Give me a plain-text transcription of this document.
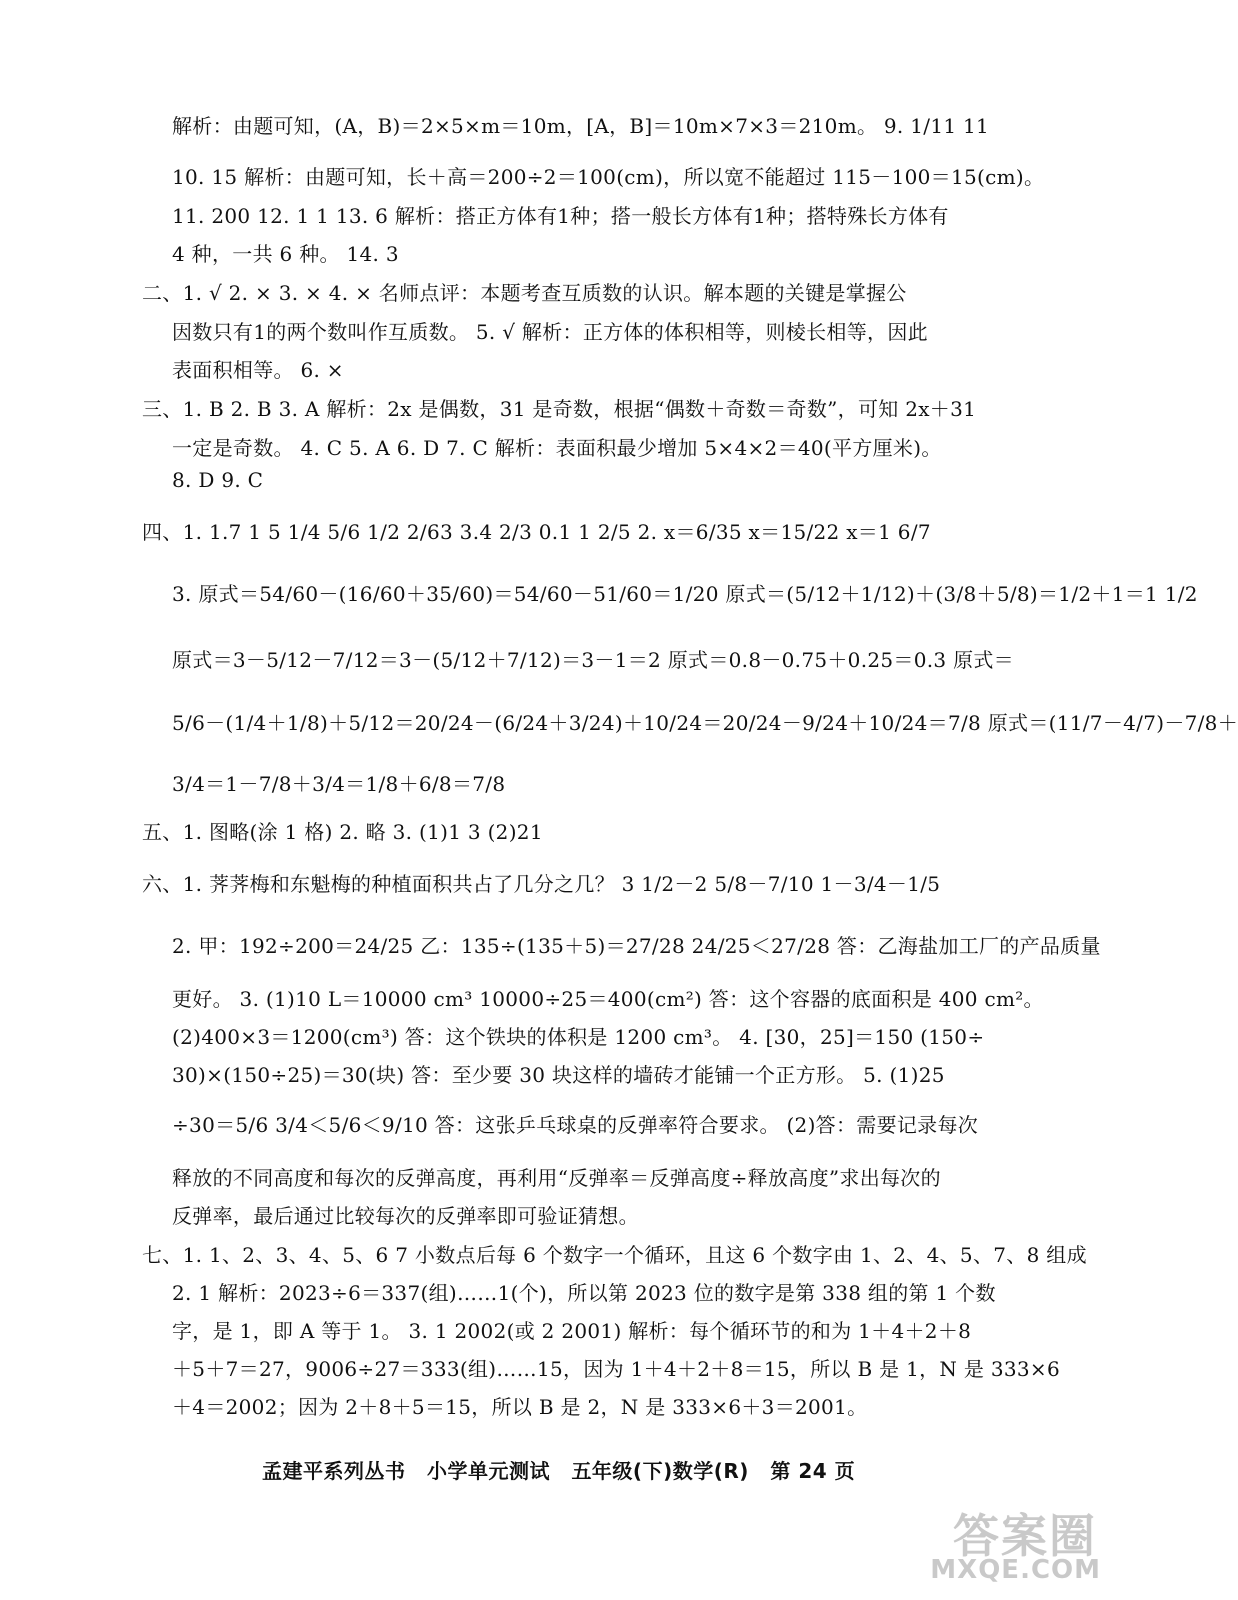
解析：由题可知，(A，B)＝2×5×m＝10m，[A，B]＝10m×7×3＝210m。 9. 1/11 11
10. 15 解析：由题可知，长＋高＝200÷2＝100(cm)，所以宽不能超过 115－100＝15(cm)。
11. 200 12. 1 1 13. 6 解析：搭正方体有1种；搭一般长方体有1种；搭特殊长方体有
4 种，一共 6 种。 14. 3
二、1. √ 2. × 3. × 4. × 名师点评：本题考查互质数的认识。解本题的关键是掌握公
因数只有1的两个数叫作互质数。 5. √ 解析：正方体的体积相等，则棱长相等，因此
表面积相等。 6. ×
三、1. B 2. B 3. A 解析：2x 是偶数，31 是奇数，根据“偶数＋奇数＝奇数”，可知 2x＋31
一定是奇数。 4. C 5. A 6. D 7. C 解析：表面积最少增加 5×4×2＝40(平方厘米)。
8. D 9. C
四、1. 1.7 1 5 1/4 5/6 1/2 2/63 3.4 2/3 0.1 1 2/5 2. x＝6/35 x＝15/22 x＝1 6/7
3. 原式＝54/60－(16/60＋35/60)＝54/60－51/60＝1/20 原式＝(5/12＋1/12)＋(3/8＋5/8)＝1/2＋1＝1 1/2
原式＝3－5/12－7/12＝3－(5/12＋7/12)＝3－1＝2 原式＝0.8－0.75＋0.25＝0.3 原式＝
5/6－(1/4＋1/8)＋5/12＝20/24－(6/24＋3/24)＋10/24＝20/24－9/24＋10/24＝7/8 原式＝(11/7－4/7)－7/8＋
3/4＝1－7/8＋3/4＝1/8＋6/8＝7/8
五、1. 图略(涂 1 格) 2. 略 3. (1)1 3 (2)21
六、1. 荠荠梅和东魁梅的种植面积共占了几分之几？ 3 1/2－2 5/8－7/10 1－3/4－1/5
2. 甲：192÷200＝24/25 乙：135÷(135＋5)＝27/28 24/25＜27/28 答：乙海盐加工厂的产品质量
更好。 3. (1)10 L＝10000 cm³ 10000÷25＝400(cm²) 答：这个容器的底面积是 400 cm²。
(2)400×3＝1200(cm³) 答：这个铁块的体积是 1200 cm³。 4. [30，25]＝150 (150÷
30)×(150÷25)＝30(块) 答：至少要 30 块这样的墙砖才能铺一个正方形。 5. (1)25
÷30＝5/6 3/4＜5/6＜9/10 答：这张乒乓球桌的反弹率符合要求。 (2)答：需要记录每次
释放的不同高度和每次的反弹高度，再利用“反弹率＝反弹高度÷释放高度”求出每次的
反弹率，最后通过比较每次的反弹率即可验证猜想。
七、1. 1、2、3、4、5、6 7 小数点后每 6 个数字一个循环，且这 6 个数字由 1、2、4、5、7、8 组成
2. 1 解析：2023÷6＝337(组)……1(个)，所以第 2023 位的数字是第 338 组的第 1 个数
字，是 1，即 A 等于 1。 3. 1 2002(或 2 2001) 解析：每个循环节的和为 1＋4＋2＋8
＋5＋7＝27，9006÷27＝333(组)……15，因为 1＋4＋2＋8＝15，所以 B 是 1，N 是 333×6
＋4＝2002；因为 2＋8＋5＝15，所以 B 是 2，N 是 333×6＋3＝2001。
孟建平系列丛书 小学单元测试 五年级(下)数学(R) 第 24 页
答案圈
MXQE.COM
